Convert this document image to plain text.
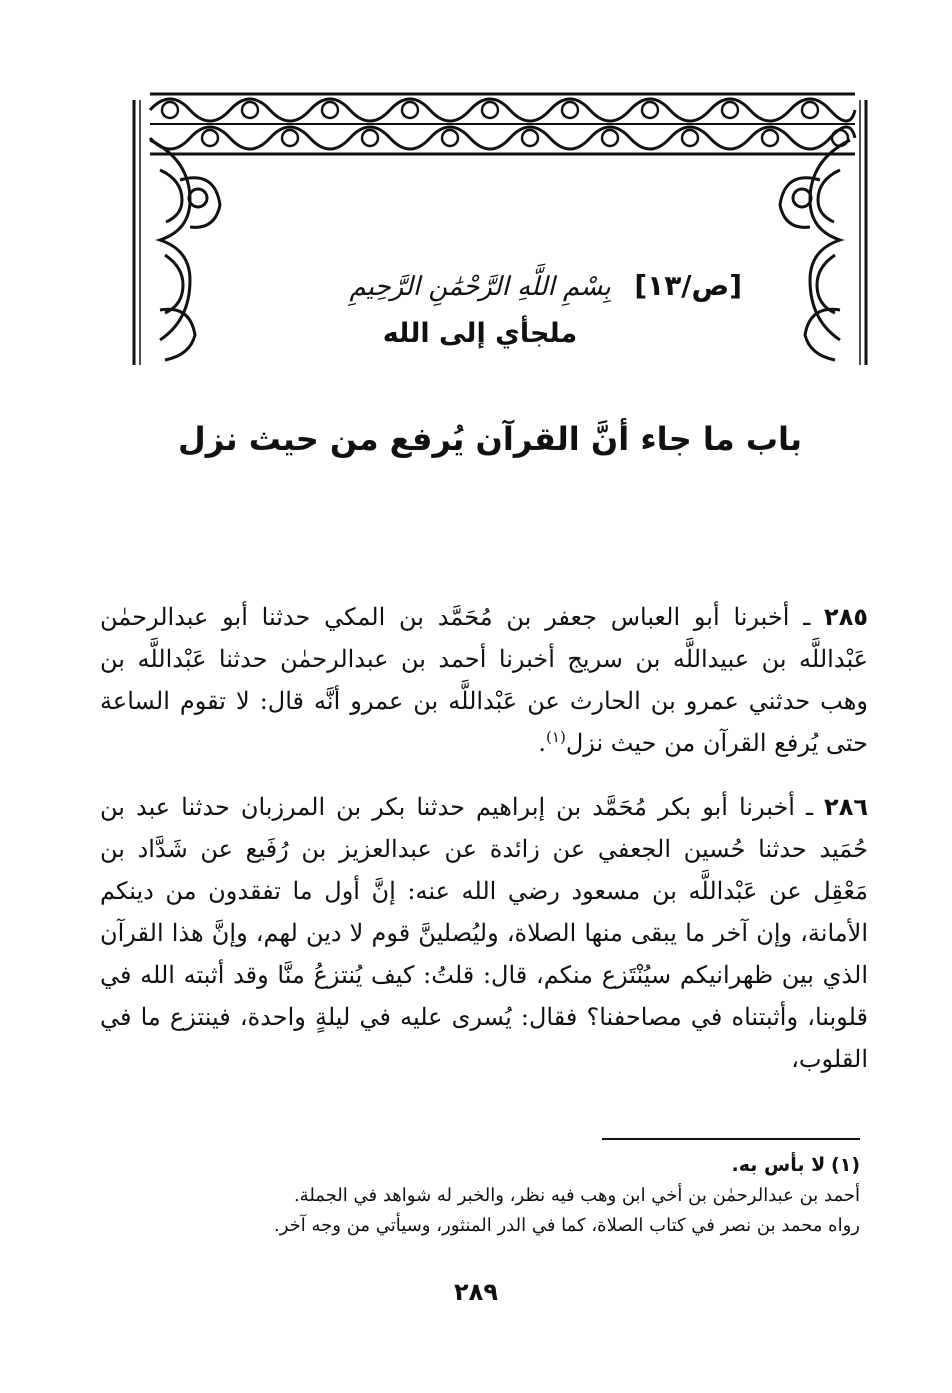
[ص/١٣] بِسْمِ اللَّهِ الرَّحْمَٰنِ الرَّحِيمِ
ملجأي إلى الله
باب ما جاء أنَّ القرآن يُرفع من حيث نزل

٢٨٥ ـ أخبرنا أبو العباس جعفر بن مُحَمَّد بن المكي حدثنا أبو عبدالرحمٰن عَبْداللَّه بن عبيداللَّه بن سريج أخبرنا أحمد بن عبدالرحمٰن حدثنا عَبْداللَّه بن وهب حدثني عمرو بن الحارث عن عَبْداللَّه بن عمرو أنَّه قال: لا تقوم الساعة حتى يُرفع القرآن من حيث نزل$^{(١)}$.

٢٨٦ ـ أخبرنا أبو بكر مُحَمَّد بن إبراهيم حدثنا بكر بن المرزبان حدثنا عبد بن حُمَيد حدثنا حُسين الجعفي عن زائدة عن عبدالعزيز بن رُفَيع عن شَدَّاد بن مَعْقِل عن عَبْداللَّه بن مسعود رضي الله عنه: إنَّ أول ما تفقدون من دينكم الأمانة، وإن آخر ما يبقى منها الصلاة، وليُصلينَّ قوم لا دين لهم، وإنَّ هذا القرآن الذي بين ظهرانيكم سيُنْتَزع منكم، قال: قلتُ: كيف يُنتزعُ منَّا وقد أثبته الله في قلوبنا، وأثبتناه في مصاحفنا؟ فقال: يُسرى عليه في ليلةٍ واحدة، فينتزع ما في القلوب،

(١) لا بأس به.
أحمد بن عبدالرحمٰن بن أخي ابن وهب فيه نظر، والخبر له شواهد في الجملة.
رواه محمد بن نصر في كتاب الصلاة، كما في الدر المنثور، وسيأتي من وجه آخر.
٢٨٩
